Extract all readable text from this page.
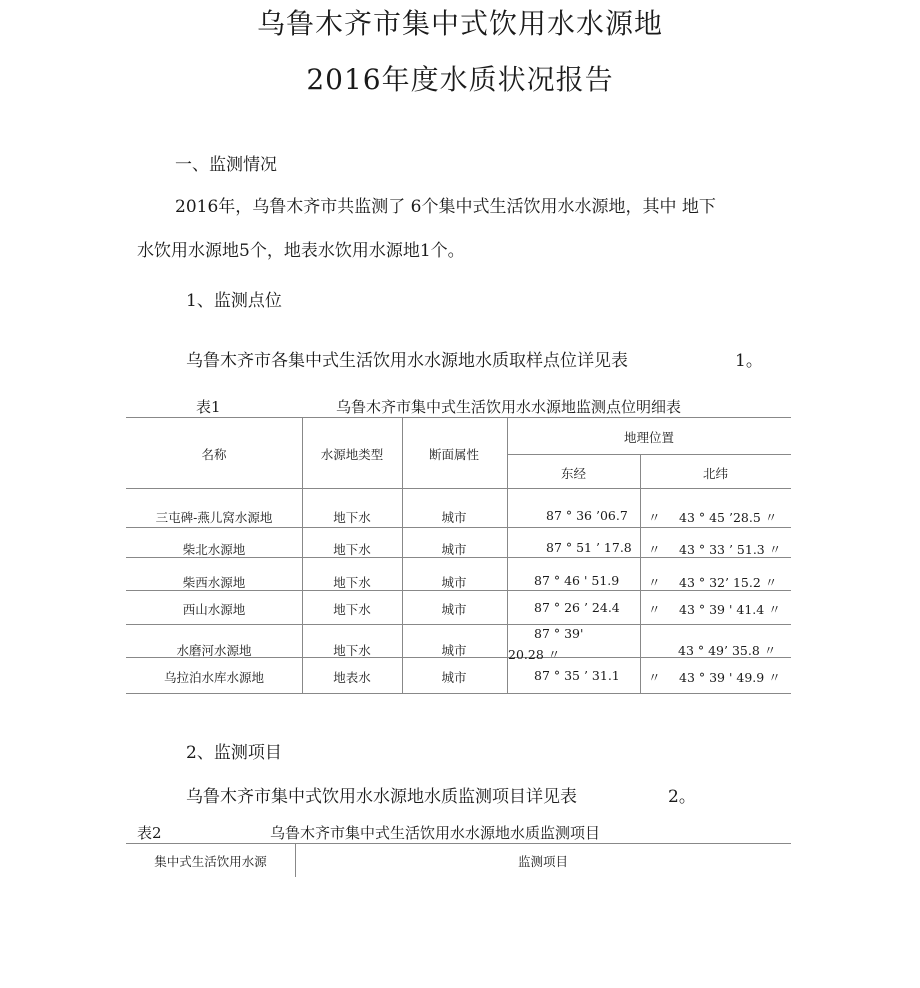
乌鲁木齐市集中式饮用水水源地
2016年度水质状况报告
一、监测情况
2016年，乌鲁木齐市共监测了 6个集中式生活饮用水水源地，其中 地下
水饮用水源地5个，地表水饮用水源地1个。
1、监测点位
乌鲁木齐市各集中式生活饮用水水源地水质取样点位详见表	1。
表1	乌鲁木齐市集中式生活饮用水水源地监测点位明细表
名称	水源地类型	断面属性
地理位置
东经	北纬
三屯碑-燕儿窝水源地	地下水	城市	87 ° 36 ’06.7 〃 43 ° 45 ’28.5 〃
柴北水源地	地下水	城市	87 ° 51 ’ 17.8 〃 43 ° 33 ’ 51.3 〃
柴西水源地	地下水	城市	87 ° 46 ' 51.9 〃 43 ° 32’ 15.2 〃
西山水源地	地下水	城市	87 ° 26 ’ 24.4 〃 43 ° 39 ' 41.4 〃
水磨河水源地	地下水	城市
87 ° 39'
20.28 〃	43 ° 49’ 35.8 〃
乌拉泊水库水源地	地表水	城市	87 ° 35 ’ 31.1 〃 43 ° 39 ' 49.9 〃
2、监测项目
乌鲁木齐市集中式饮用水水源地水质监测项目详见表	2。
表2	乌鲁木齐市集中式生活饮用水水源地水质监测项目
集中式生活饮用水源	监测项目
